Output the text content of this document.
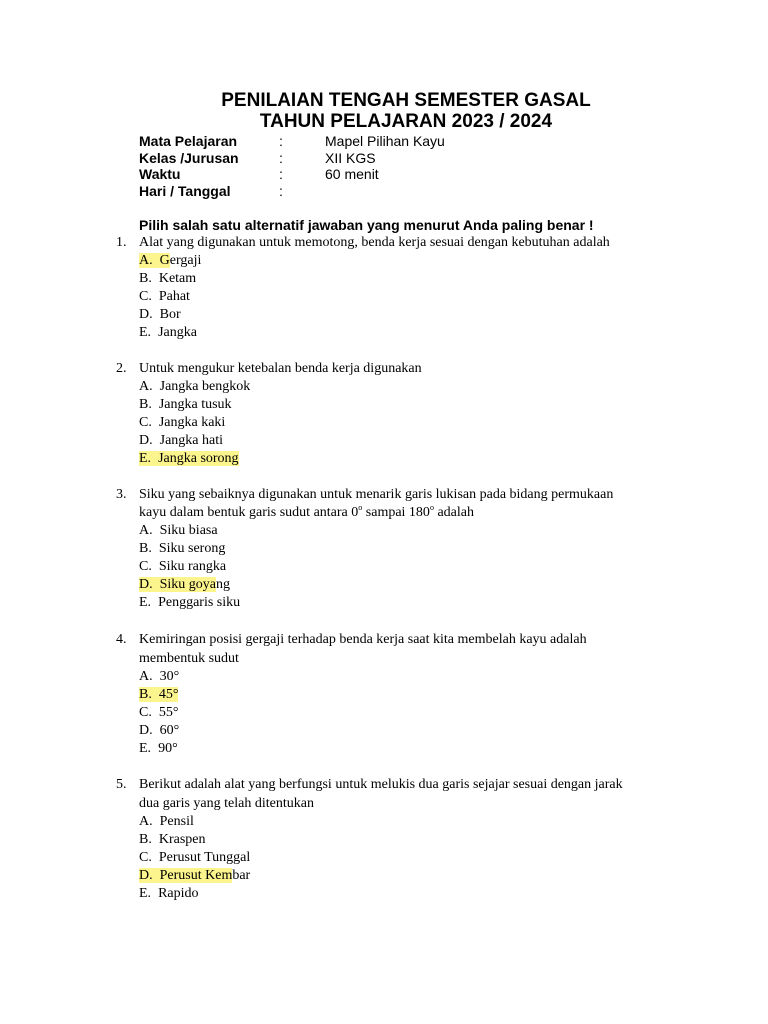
PENILAIAN TENGAH SEMESTER GASAL
TAHUN PELAJARAN 2023 / 2024
Mata Pelajaran	:	Mapel Pilihan Kayu
Kelas /Jurusan	:	XII KGS
Waktu	:	60 menit
Hari / Tanggal	:
Pilih salah satu alternatif jawaban yang menurut Anda paling benar !
1. Alat yang digunakan untuk memotong, benda kerja sesuai dengan kebutuhan adalah
A. Gergaji
B. Ketam
C. Pahat
D. Bor
E. Jangka
2. Untuk mengukur ketebalan benda kerja digunakan
A. Jangka bengkok
B. Jangka tusuk
C. Jangka kaki
D. Jangka hati
E. Jangka sorong
3. Siku yang sebaiknya digunakan untuk menarik garis lukisan pada bidang permukaan
kayu dalam bentuk garis sudut antara 0$^o$ sampai 180$^o$ adalah
A. Siku biasa
B. Siku serong
C. Siku rangka
D. Siku goyang
E. Penggaris siku
4. Kemiringan posisi gergaji terhadap benda kerja saat kita membelah kayu adalah
membentuk sudut
A. 30°
B. 45°
C. 55°
D. 60°
E. 90°
5. Berikut adalah alat yang berfungsi untuk melukis dua garis sejajar sesuai dengan jarak
dua garis yang telah ditentukan
A. Pensil
B. Kraspen
C. Perusut Tunggal
D. Perusut Kembar
E. Rapido
